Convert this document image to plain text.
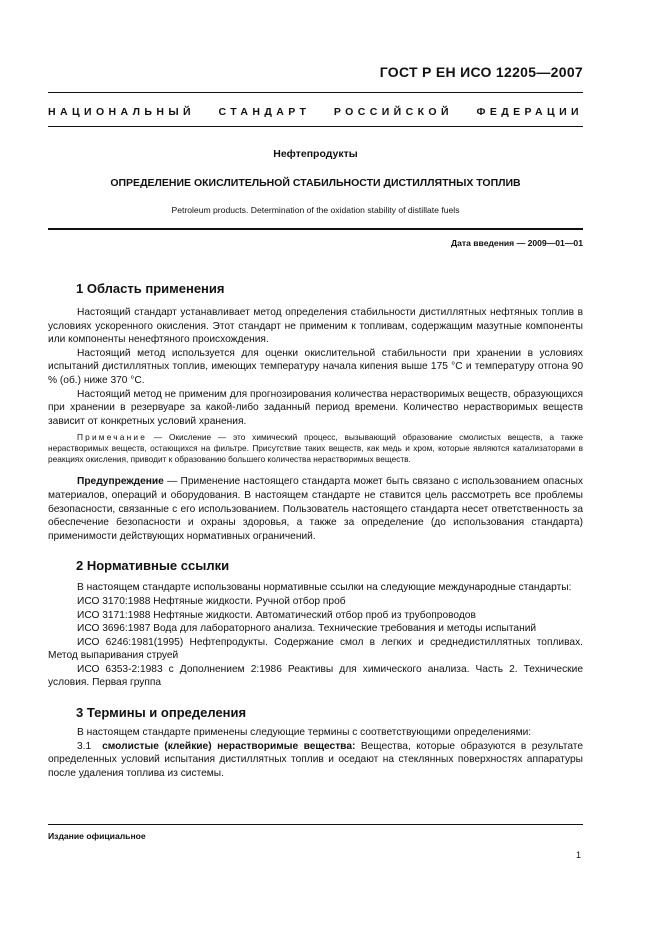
ГОСТ Р ЕН ИСО 12205—2007
НАЦИОНАЛЬНЫЙ СТАНДАРТ РОССИЙСКОЙ ФЕДЕРАЦИИ
Нефтепродукты
ОПРЕДЕЛЕНИЕ ОКИСЛИТЕЛЬНОЙ СТАБИЛЬНОСТИ ДИСТИЛЛЯТНЫХ ТОПЛИВ
Petroleum products. Determination of the oxidation stability of distillate fuels
Дата введения — 2009—01—01
1 Область применения

Настоящий стандарт устанавливает метод определения стабильности дистиллятных нефтяных топлив в условиях ускоренного окисления. Этот стандарт не применим к топливам, содержащим мазутные компоненты или компоненты ненефтяного происхождения.

Настоящий метод используется для оценки окислительной стабильности при хранении в условиях испытаний дистиллятных топлив, имеющих температуру начала кипения выше 175 °С и температуру отгона 90 % (об.) ниже 370 °С.

Настоящий метод не применим для прогнозирования количества нерастворимых веществ, образующихся при хранении в резервуаре за какой-либо заданный период времени. Количество нерастворимых веществ зависит от конкретных условий хранения.

Примечание — Окисление — это химический процесс, вызывающий образование смолистых веществ, а также нерастворимых веществ, остающихся на фильтре. Присутствие таких веществ, как медь и хром, которые являются катализаторами в реакциях окисления, приводит к образованию большего количества нерастворимых веществ.

Предупреждение — Применение настоящего стандарта может быть связано с использованием опасных материалов, операций и оборудования. В настоящем стандарте не ставится цель рассмотреть все проблемы безопасности, связанные с его использованием. Пользователь настоящего стандарта несет ответственность за обеспечение безопасности и охраны здоровья, а также за определение (до использования стандарта) применимости действующих нормативных ограничений.

2 Нормативные ссылки

В настоящем стандарте использованы нормативные ссылки на следующие международные стандарты:

ИСО 3170:1988 Нефтяные жидкости. Ручной отбор проб

ИСО 3171:1988 Нефтяные жидкости. Автоматический отбор проб из трубопроводов

ИСО 3696:1987 Вода для лабораторного анализа. Технические требования и методы испытаний

ИСО 6246:1981(1995) Нефтепродукты. Содержание смол в легких и среднедистиллятных топливах. Метод выпаривания струей

ИСО 6353-2:1983 с Дополнением 2:1986 Реактивы для химического анализа. Часть 2. Технические условия. Первая группа

3 Термины и определения

В настоящем стандарте применены следующие термины с соответствующими определениями:

3.1 смолистые (клейкие) нерастворимые вещества: Вещества, которые образуются в результате определенных условий испытания дистиллятных топлив и оседают на стеклянных поверхностях аппаратуры после удаления топлива из системы.

Издание официальное
1
